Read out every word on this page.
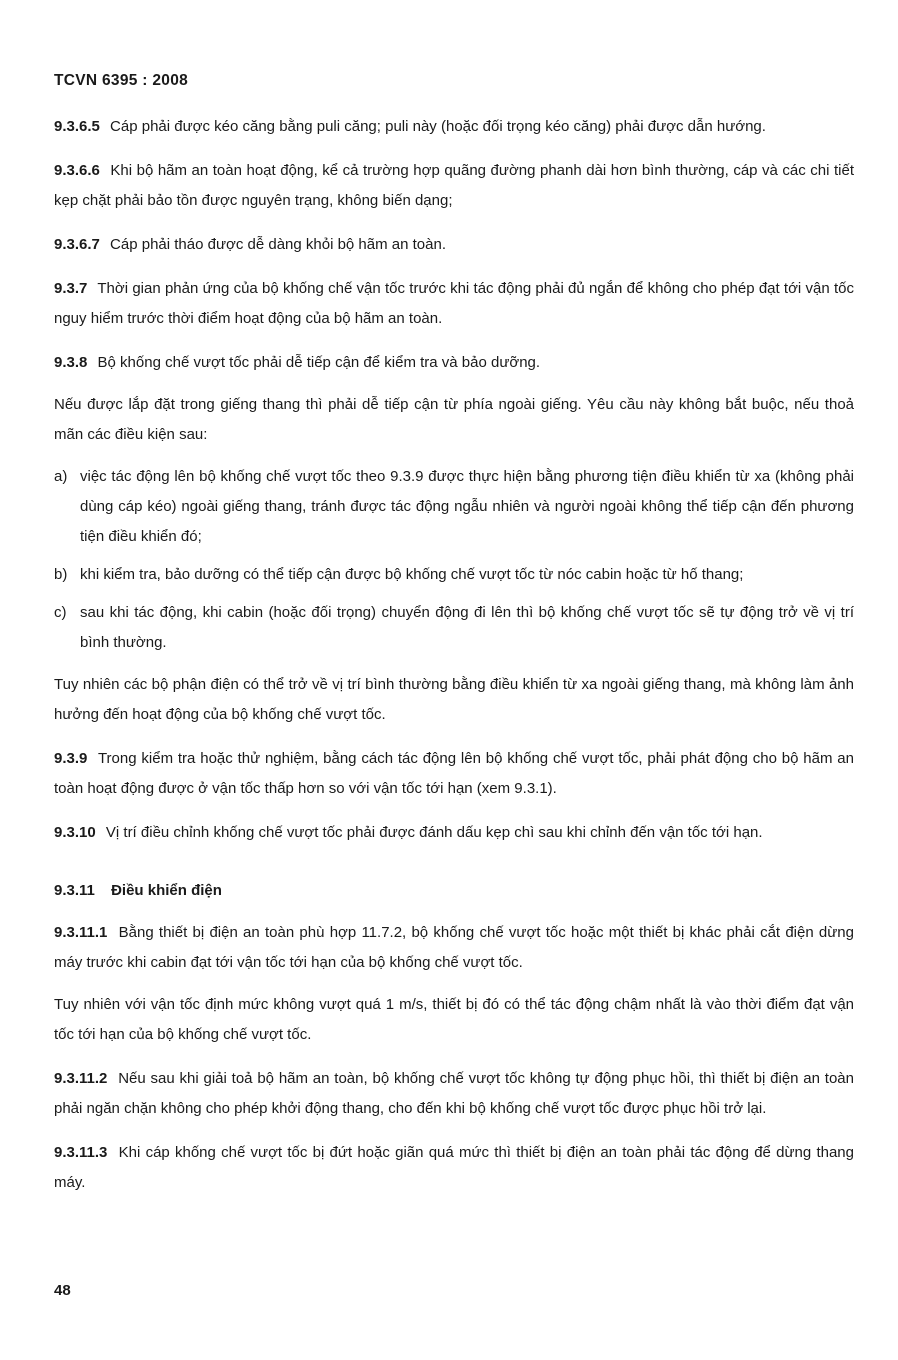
TCVN 6395 : 2008

9.3.6.5 Cáp phải được kéo căng bằng puli căng; puli này (hoặc đối trọng kéo căng) phải được dẫn hướng.

9.3.6.6 Khi bộ hãm an toàn hoạt động, kể cả trường hợp quãng đường phanh dài hơn bình thường, cáp và các chi tiết kẹp chặt phải bảo tồn được nguyên trạng, không biến dạng;

9.3.6.7 Cáp phải tháo được dễ dàng khỏi bộ hãm an toàn.

9.3.7 Thời gian phản ứng của bộ khống chế vận tốc trước khi tác động phải đủ ngắn để không cho phép đạt tới vận tốc nguy hiểm trước thời điểm hoạt động của bộ hãm an toàn.

9.3.8 Bộ khống chế vượt tốc phải dễ tiếp cận để kiểm tra và bảo dưỡng.

Nếu được lắp đặt trong giếng thang thì phải dễ tiếp cận từ phía ngoài giếng. Yêu cầu này không bắt buộc, nếu thoả mãn các điều kiện sau:

a) việc tác động lên bộ khống chế vượt tốc theo 9.3.9 được thực hiện bằng phương tiện điều khiển từ xa (không phải dùng cáp kéo) ngoài giếng thang, tránh được tác động ngẫu nhiên và người ngoài không thể tiếp cận đến phương tiện điều khiển đó;
b) khi kiểm tra, bảo dưỡng có thể tiếp cận được bộ khống chế vượt tốc từ nóc cabin hoặc từ hố thang;
c) sau khi tác động, khi cabin (hoặc đối trọng) chuyển động đi lên thì bộ khống chế vượt tốc sẽ tự động trở về vị trí bình thường.

Tuy nhiên các bộ phận điện có thể trở về vị trí bình thường bằng điều khiển từ xa ngoài giếng thang, mà không làm ảnh hưởng đến hoạt động của bộ khống chế vượt tốc.

9.3.9 Trong kiểm tra hoặc thử nghiệm, bằng cách tác động lên bộ khống chế vượt tốc, phải phát động cho bộ hãm an toàn hoạt động được ở vận tốc thấp hơn so với vận tốc tới hạn (xem 9.3.1).

9.3.10 Vị trí điều chỉnh khống chế vượt tốc phải được đánh dấu kẹp chì sau khi chỉnh đến vận tốc tới hạn.

9.3.11 Điều khiển điện

9.3.11.1 Bằng thiết bị điện an toàn phù hợp 11.7.2, bộ khống chế vượt tốc hoặc một thiết bị khác phải cắt điện dừng máy trước khi cabin đạt tới vận tốc tới hạn của bộ khống chế vượt tốc.

Tuy nhiên với vận tốc định mức không vượt quá 1 m/s, thiết bị đó có thể tác động chậm nhất là vào thời điểm đạt vận tốc tới hạn của bộ khống chế vượt tốc.

9.3.11.2 Nếu sau khi giải toả bộ hãm an toàn, bộ khống chế vượt tốc không tự động phục hồi, thì thiết bị điện an toàn phải ngăn chặn không cho phép khởi động thang, cho đến khi bộ khống chế vượt tốc được phục hồi trở lại.

9.3.11.3 Khi cáp khống chế vượt tốc bị đứt hoặc giãn quá mức thì thiết bị điện an toàn phải tác động để dừng thang máy.

48
